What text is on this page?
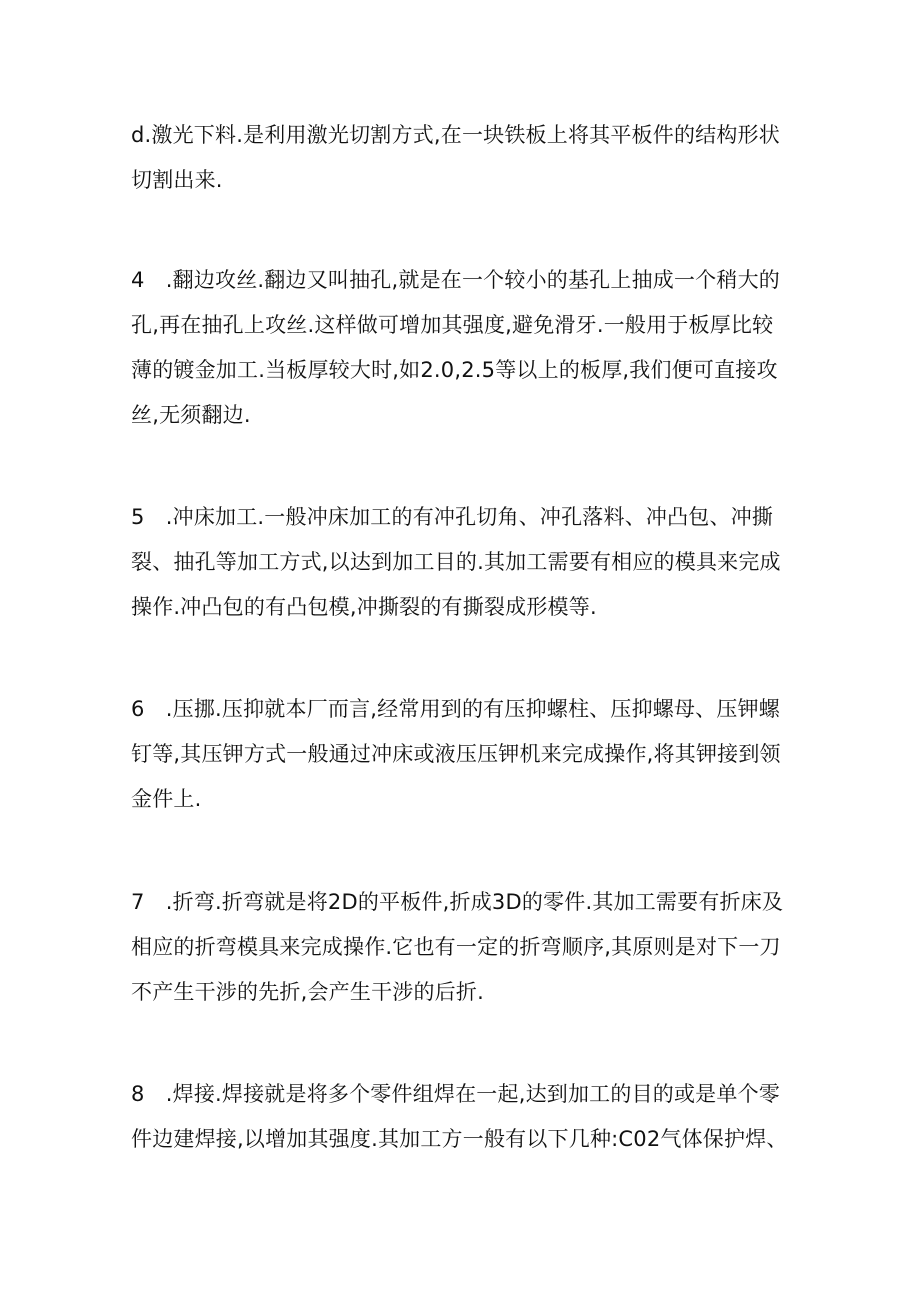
d.激光下料.是利用激光切割方式,在一块铁板上将其平板件的结构形状
切割出来.

4　.翻边攻丝.翻边又叫抽孔,就是在一个较小的基孔上抽成一个稍大的
孔,再在抽孔上攻丝.这样做可增加其强度,避免滑牙.一般用于板厚比较
薄的镀金加工.当板厚较大时,如2.0,2.5等以上的板厚,我们便可直接攻
丝,无须翻边.

5　.冲床加工.一般冲床加工的有冲孔切角、冲孔落料、冲凸包、冲撕
裂、抽孔等加工方式,以达到加工目的.其加工需要有相应的模具来完成
操作.冲凸包的有凸包模,冲撕裂的有撕裂成形模等.

6　.压挪.压抑就本厂而言,经常用到的有压抑螺柱、压抑螺母、压钾螺
钉等,其压钾方式一般通过冲床或液压压钾机来完成操作,将其钾接到领
金件上.

7　.折弯.折弯就是将2D的平板件,折成3D的零件.其加工需要有折床及
相应的折弯模具来完成操作.它也有一定的折弯顺序,其原则是对下一刀
不产生干涉的先折,会产生干涉的后折.

8　.焊接.焊接就是将多个零件组焊在一起,达到加工的目的或是单个零
件边建焊接,以增加其强度.其加工方一般有以下几种:C02气体保护焊、
